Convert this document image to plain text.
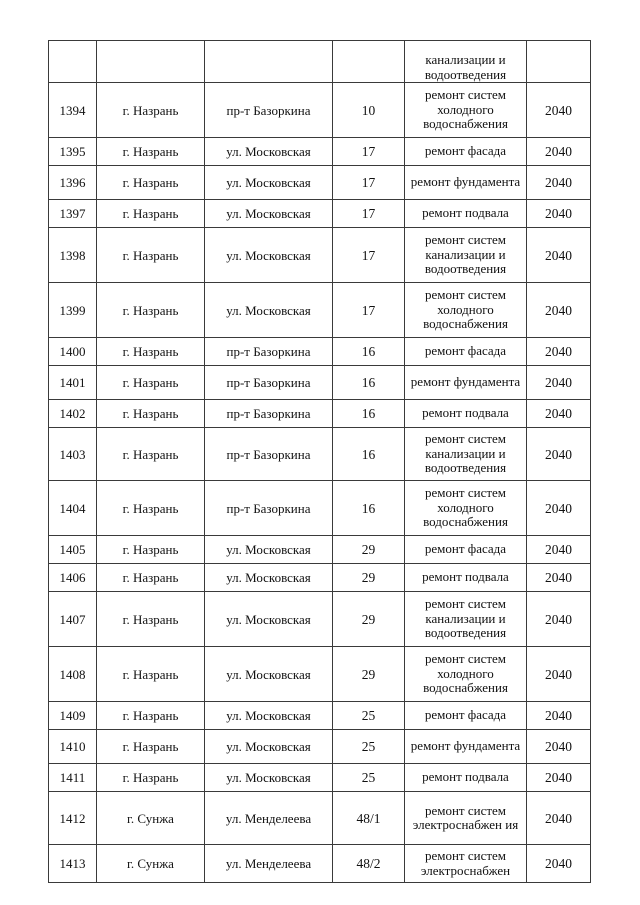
				канализации и водоотведения	
1394	г. Назрань	пр-т Базоркина	10	ремонт систем холодного водоснабжения	2040
1395	г. Назрань	ул. Московская	17	ремонт фасада	2040
1396	г. Назрань	ул. Московская	17	ремонт фундамента	2040
1397	г. Назрань	ул. Московская	17	ремонт подвала	2040
1398	г. Назрань	ул. Московская	17	ремонт систем канализации и водоотведения	2040
1399	г. Назрань	ул. Московская	17	ремонт систем холодного водоснабжения	2040
1400	г. Назрань	пр-т Базоркина	16	ремонт фасада	2040
1401	г. Назрань	пр-т Базоркина	16	ремонт фундамента	2040
1402	г. Назрань	пр-т Базоркина	16	ремонт подвала	2040
1403	г. Назрань	пр-т Базоркина	16	ремонт систем канализации и водоотведения	2040
1404	г. Назрань	пр-т Базоркина	16	ремонт систем холодного водоснабжения	2040
1405	г. Назрань	ул. Московская	29	ремонт фасада	2040
1406	г. Назрань	ул. Московская	29	ремонт подвала	2040
1407	г. Назрань	ул. Московская	29	ремонт систем канализации и водоотведения	2040
1408	г. Назрань	ул. Московская	29	ремонт систем холодного водоснабжения	2040
1409	г. Назрань	ул. Московская	25	ремонт фасада	2040
1410	г. Назрань	ул. Московская	25	ремонт фундамента	2040
1411	г. Назрань	ул. Московская	25	ремонт подвала	2040
1412	г. Сунжа	ул. Менделеева	48/1	ремонт систем электроснабжен ия	2040
1413	г. Сунжа	ул. Менделеева	48/2	ремонт систем электроснабжен	2040
